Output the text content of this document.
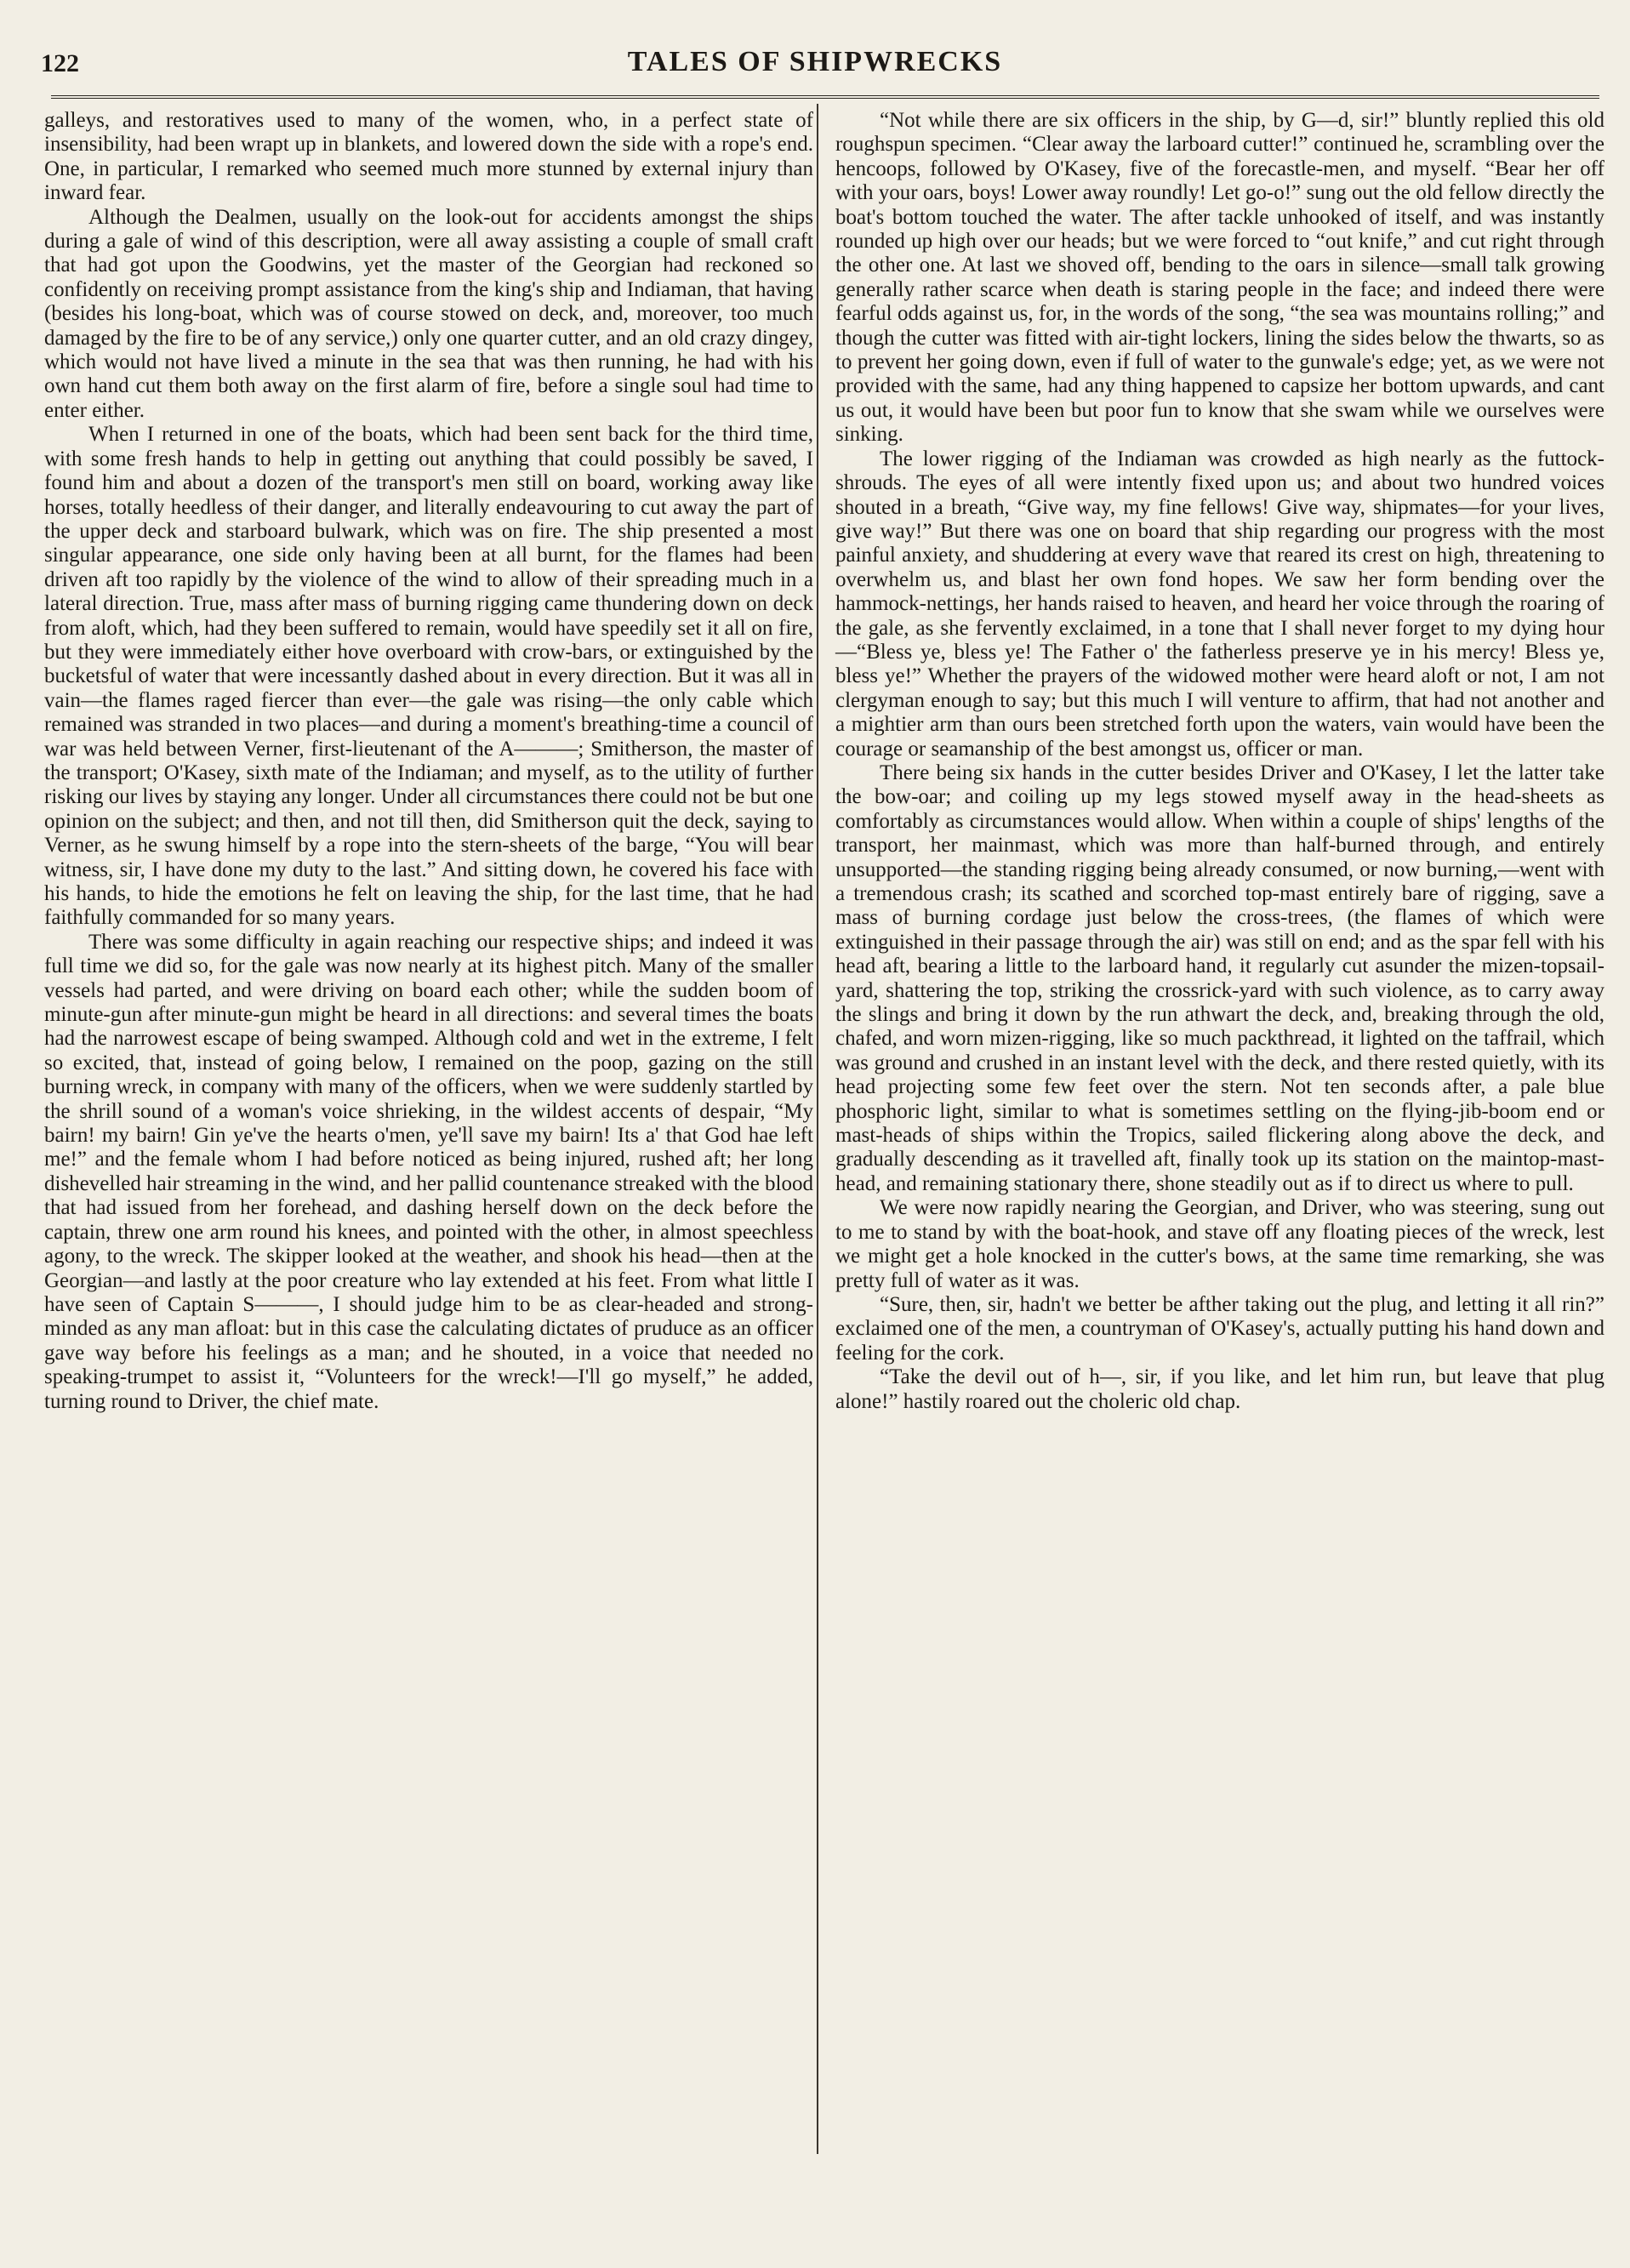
122	TALES OF SHIPWRECKS

galleys, and restoratives used to many of the women, who, in a perfect state of insensibility, had been wrapt up in blankets, and lowered down the side with a rope's end. One, in particular, I remarked who seemed much more stunned by external injury than inward fear.

Although the Dealmen, usually on the look-out for accidents amongst the ships during a gale of wind of this description, were all away assisting a couple of small craft that had got upon the Goodwins, yet the master of the Georgian had reckoned so confidently on receiving prompt assistance from the king's ship and Indiaman, that having (besides his long-boat, which was of course stowed on deck, and, moreover, too much damaged by the fire to be of any service,) only one quarter cutter, and an old crazy dingey, which would not have lived a minute in the sea that was then running, he had with his own hand cut them both away on the first alarm of fire, before a single soul had time to enter either.

When I returned in one of the boats, which had been sent back for the third time, with some fresh hands to help in getting out anything that could possibly be saved, I found him and about a dozen of the transport's men still on board, working away like horses, totally heedless of their danger, and literally endeavouring to cut away the part of the upper deck and starboard bulwark, which was on fire. The ship presented a most singular appearance, one side only having been at all burnt, for the flames had been driven aft too rapidly by the violence of the wind to allow of their spreading much in a lateral direction. True, mass after mass of burning rigging came thundering down on deck from aloft, which, had they been suffered to remain, would have speedily set it all on fire, but they were immediately either hove overboard with crow-bars, or extinguished by the bucketsful of water that were incessantly dashed about in every direction. But it was all in vain—the flames raged fiercer than ever—the gale was rising—the only cable which remained was stranded in two places—and during a moment's breathing-time a council of war was held between Verner, first-lieutenant of the A———; Smitherson, the master of the transport; O'Kasey, sixth mate of the Indiaman; and myself, as to the utility of further risking our lives by staying any longer. Under all circumstances there could not be but one opinion on the subject; and then, and not till then, did Smitherson quit the deck, saying to Verner, as he swung himself by a rope into the stern-sheets of the barge, “You will bear witness, sir, I have done my duty to the last.” And sitting down, he covered his face with his hands, to hide the emotions he felt on leaving the ship, for the last time, that he had faithfully commanded for so many years.

There was some difficulty in again reaching our respective ships; and indeed it was full time we did so, for the gale was now nearly at its highest pitch. Many of the smaller vessels had parted, and were driving on board each other; while the sudden boom of minute-gun after minute-gun might be heard in all directions: and several times the boats had the narrowest escape of being swamped. Although cold and wet in the extreme, I felt so excited, that, instead of going below, I remained on the poop, gazing on the still burning wreck, in company with many of the officers, when we were suddenly startled by the shrill sound of a woman's voice shrieking, in the wildest accents of despair, “My bairn! my bairn! Gin ye've the hearts o'men, ye'll save my bairn! Its a' that God hae left me!” and the female whom I had before noticed as being injured, rushed aft; her long dishevelled hair streaming in the wind, and her pallid countenance streaked with the blood that had issued from her forehead, and dashing herself down on the deck before the captain, threw one arm round his knees, and pointed with the other, in almost speechless agony, to the wreck. The skipper looked at the weather, and shook his head—then at the Georgian—and lastly at the poor creature who lay extended at his feet. From what little I have seen of Captain S———, I should judge him to be as clear-headed and strong-minded as any man afloat: but in this case the calculating dictates of pruduce as an officer gave way before his feelings as a man; and he shouted, in a voice that needed no speaking-trumpet to assist it, “Volunteers for the wreck!—I'll go myself,” he added, turning round to Driver, the chief mate.

“Not while there are six officers in the ship, by G—d, sir!” bluntly replied this old roughspun specimen. “Clear away the larboard cutter!” continued he, scrambling over the hencoops, followed by O'Kasey, five of the forecastle-men, and myself. “Bear her off with your oars, boys! Lower away roundly! Let go-o!” sung out the old fellow directly the boat's bottom touched the water. The after tackle unhooked of itself, and was instantly rounded up high over our heads; but we were forced to “out knife,” and cut right through the other one. At last we shoved off, bending to the oars in silence—small talk growing generally rather scarce when death is staring people in the face; and indeed there were fearful odds against us, for, in the words of the song, “the sea was mountains rolling;” and though the cutter was fitted with air-tight lockers, lining the sides below the thwarts, so as to prevent her going down, even if full of water to the gunwale's edge; yet, as we were not provided with the same, had any thing happened to capsize her bottom upwards, and cant us out, it would have been but poor fun to know that she swam while we ourselves were sinking.

The lower rigging of the Indiaman was crowded as high nearly as the futtock-shrouds. The eyes of all were intently fixed upon us; and about two hundred voices shouted in a breath, “Give way, my fine fellows! Give way, shipmates—for your lives, give way!” But there was one on board that ship regarding our progress with the most painful anxiety, and shuddering at every wave that reared its crest on high, threatening to overwhelm us, and blast her own fond hopes. We saw her form bending over the hammock-nettings, her hands raised to heaven, and heard her voice through the roaring of the gale, as she fervently exclaimed, in a tone that I shall never forget to my dying hour—“Bless ye, bless ye! The Father o' the fatherless preserve ye in his mercy! Bless ye, bless ye!” Whether the prayers of the widowed mother were heard aloft or not, I am not clergyman enough to say; but this much I will venture to affirm, that had not another and a mightier arm than ours been stretched forth upon the waters, vain would have been the courage or seamanship of the best amongst us, officer or man.

There being six hands in the cutter besides Driver and O'Kasey, I let the latter take the bow-oar; and coiling up my legs stowed myself away in the head-sheets as comfortably as circumstances would allow. When within a couple of ships' lengths of the transport, her mainmast, which was more than half-burned through, and entirely unsupported—the standing rigging being already consumed, or now burning,—went with a tremendous crash; its scathed and scorched top-mast entirely bare of rigging, save a mass of burning cordage just below the cross-trees, (the flames of which were extinguished in their passage through the air) was still on end; and as the spar fell with his head aft, bearing a little to the larboard hand, it regularly cut asunder the mizen-topsail-yard, shattering the top, striking the crossrick-yard with such violence, as to carry away the slings and bring it down by the run athwart the deck, and, breaking through the old, chafed, and worn mizen-rigging, like so much packthread, it lighted on the taffrail, which was ground and crushed in an instant level with the deck, and there rested quietly, with its head projecting some few feet over the stern. Not ten seconds after, a pale blue phosphoric light, similar to what is sometimes settling on the flying-jib-boom end or mast-heads of ships within the Tropics, sailed flickering along above the deck, and gradually descending as it travelled aft, finally took up its station on the maintop-mast-head, and remaining stationary there, shone steadily out as if to direct us where to pull.

We were now rapidly nearing the Georgian, and Driver, who was steering, sung out to me to stand by with the boat-hook, and stave off any floating pieces of the wreck, lest we might get a hole knocked in the cutter's bows, at the same time remarking, she was pretty full of water as it was.

“Sure, then, sir, hadn't we better be afther taking out the plug, and letting it all rin?” exclaimed one of the men, a countryman of O'Kasey's, actually putting his hand down and feeling for the cork.

“Take the devil out of h—, sir, if you like, and let him run, but leave that plug alone!” hastily roared out the choleric old chap.
